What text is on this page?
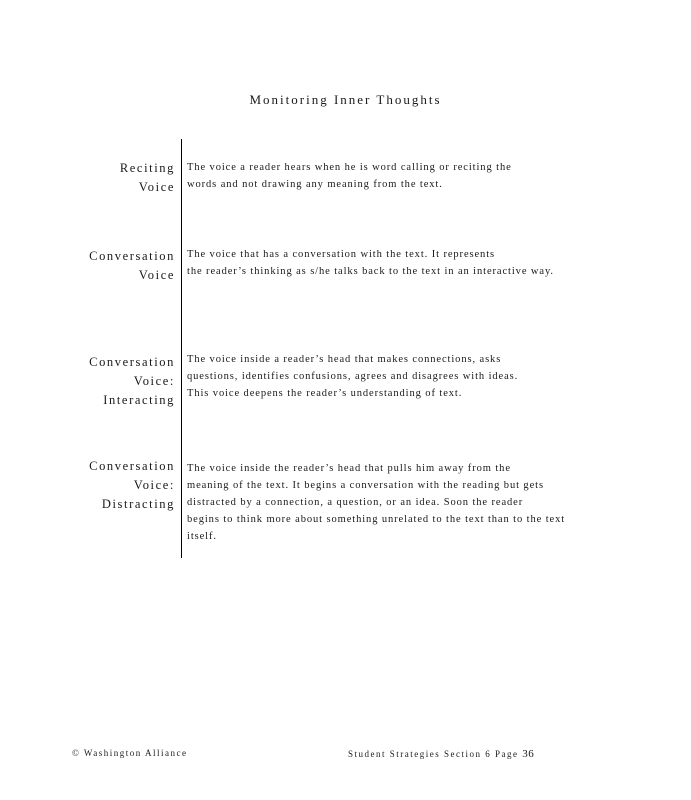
Monitoring Inner Thoughts
Reciting
Voice
The voice a reader hears when he is word calling or reciting the
words and not drawing any meaning from the text.
Conversation
Voice
The voice that has a conversation with the text. It represents
the reader’s thinking as s/he talks back to the text in an interactive way.
Conversation
Voice:
Interacting
The voice inside a reader’s head that makes connections, asks
questions, identifies confusions, agrees and disagrees with ideas.
This voice deepens the reader’s understanding of text.
Conversation
Voice:
Distracting
The voice inside the reader’s head that pulls him away from the
meaning of the text. It begins a conversation with the reading but gets
distracted by a connection, a question, or an idea. Soon the reader
begins to think more about something unrelated to the text than to the text
itself.
© Washington Alliance	Student Strategies Section 6 Page 36
